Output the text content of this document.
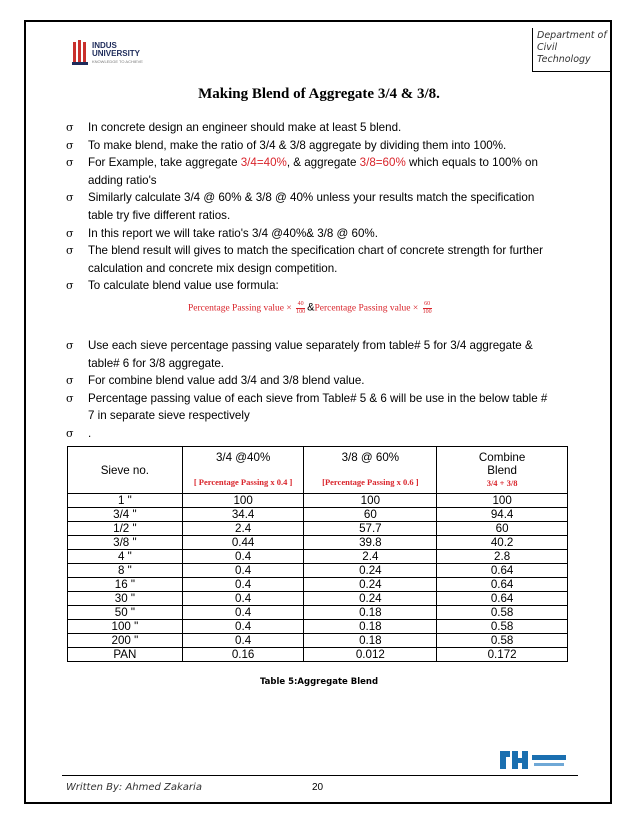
Department of
Civil
Technology
INDUS
UNIVERSITY
KNOWLEDGE TO ACHIEVE
Making Blend of Aggregate 3/4 & 3/8.
σ In concrete design an engineer should make at least 5 blend.
σ To make blend, make the ratio of 3/4 & 3/8 aggregate by dividing them into 100%.
σ For Example, take aggregate 3/4=40%, & aggregate 3/8=60% which equals to 100% on adding ratio's
σ Similarly calculate 3/4 @ 60% & 3/8 @ 40% unless your results match the specification table try five different ratios.
σ In this report we will take ratio's 3/4 @40%& 3/8 @ 60%.
σ The blend result will gives to match the specification chart of concrete strength for further calculation and concrete mix design competition.
σ To calculate blend value use formula:
Percentage Passing value × $\frac{40}{100}$ &Percentage Passing value × $\frac{60}{100}$
σ Use each sieve percentage passing value separately from table# 5 for 3/4 aggregate & table# 6 for 3/8 aggregate.
σ For combine blend value add 3/4 and 3/8 blend value.
σ Percentage passing value of each sieve from Table# 5 & 6 will be use in the below table # 7 in separate sieve respectively
σ .
Sieve no.	3/4 @40%
[ Percentage Passing x 0.4 ]	3/8 @ 60%
[Percentage Passing x 0.6 ]	Combine
Blend
3/4 + 3/8

1 "	100	100	100
3/4 "	34.4	60	94.4
1/2 "	2.4	57.7	60
3/8 "	0.44	39.8	40.2
4 "	0.4	2.4	2.8
8 "	0.4	0.24	0.64
16 "	0.4	0.24	0.64
30 "	0.4	0.24	0.64
50 "	0.4	0.18	0.58
100 "	0.4	0.18	0.58
200 "	0.4	0.18	0.58
PAN	0.16	0.012	0.172
Table 5:Aggregate Blend
Written By: Ahmed Zakaria	20
